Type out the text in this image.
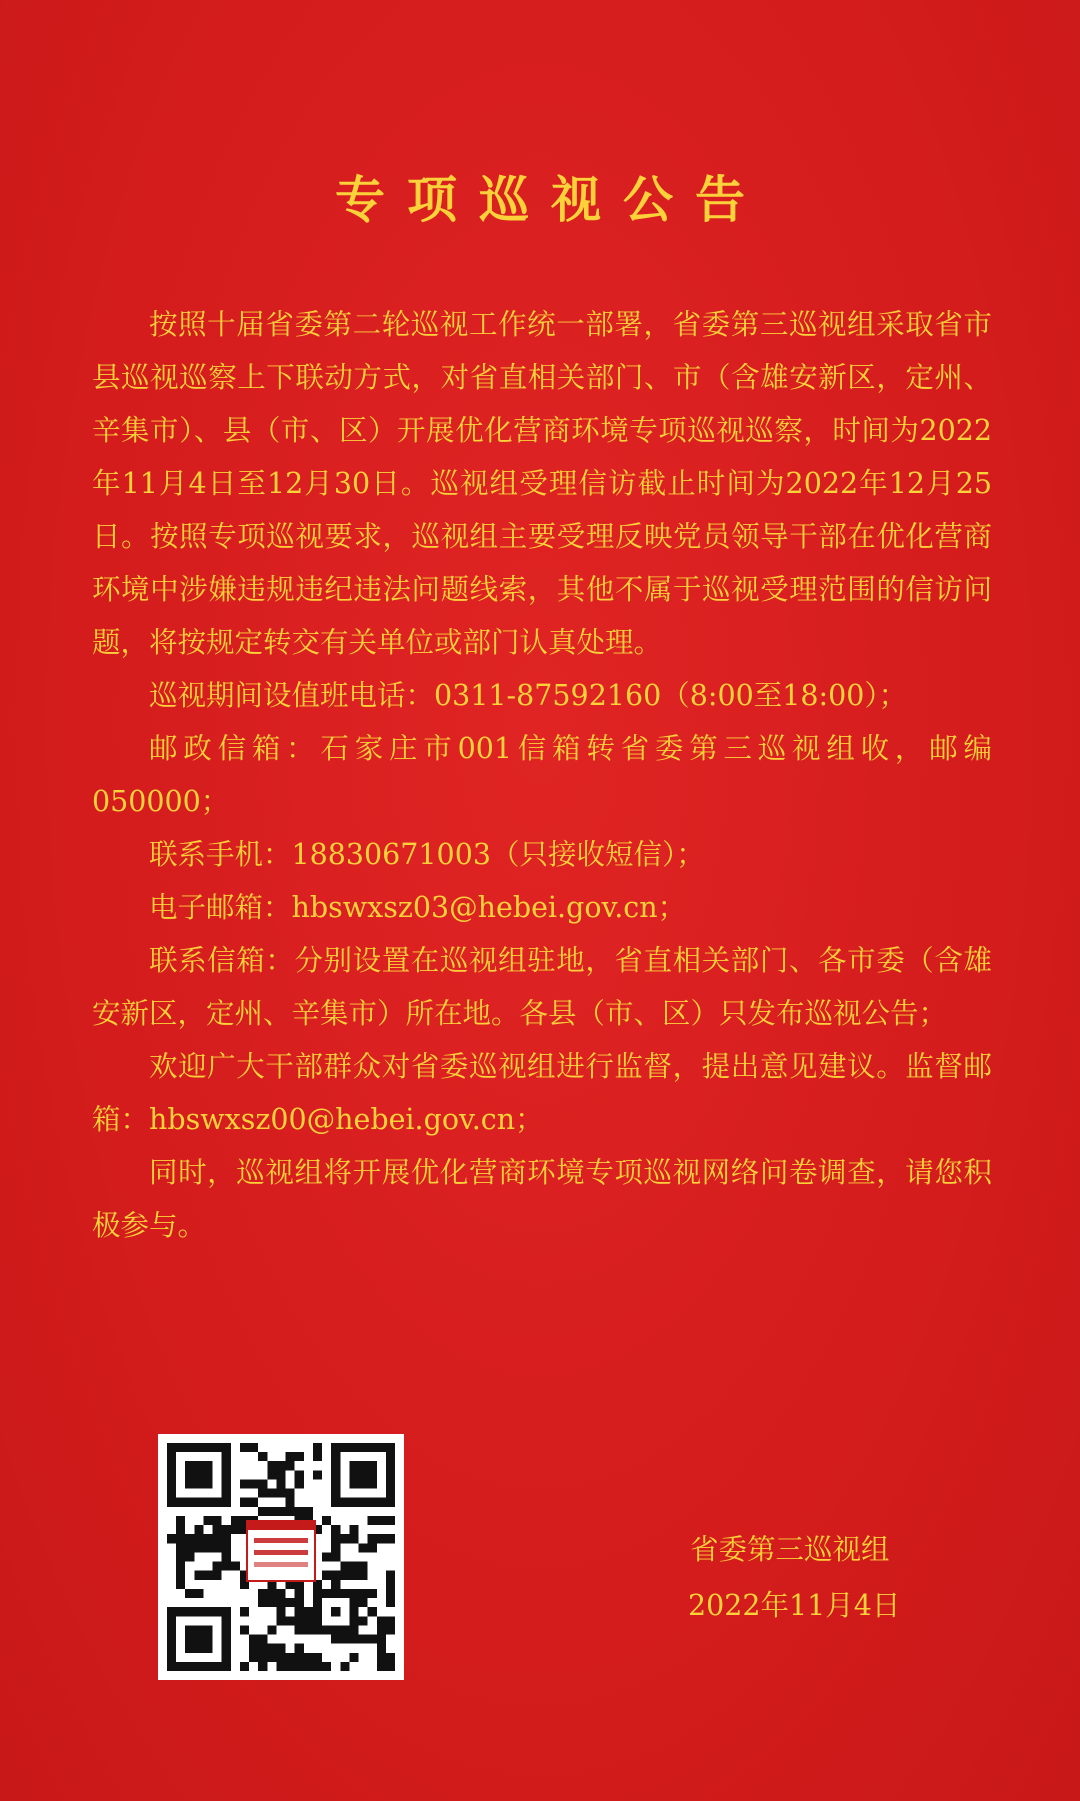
专项巡视公告

按照十届省委第二轮巡视工作统一部署，省委第三巡视组采取省市县巡视巡察上下联动方式，对省直相关部门、市（含雄安新区，定州、辛集市）、县（市、区）开展优化营商环境专项巡视巡察，时间为2022年11月4日至12月30日。巡视组受理信访截止时间为2022年12月25日。按照专项巡视要求，巡视组主要受理反映党员领导干部在优化营商环境中涉嫌违规违纪违法问题线索，其他不属于巡视受理范围的信访问题，将按规定转交有关单位或部门认真处理。

巡视期间设值班电话：0311-87592160（8:00至18:00）；

邮政信箱：石家庄市001信箱转省委第三巡视组收，邮编050000；

联系手机：18830671003（只接收短信）；

电子邮箱：hbswxsz03@hebei.gov.cn；

联系信箱：分别设置在巡视组驻地，省直相关部门、各市委（含雄安新区，定州、辛集市）所在地。各县（市、区）只发布巡视公告；

欢迎广大干部群众对省委巡视组进行监督，提出意见建议。监督邮箱：hbswxsz00@hebei.gov.cn；

同时，巡视组将开展优化营商环境专项巡视网络问卷调查，请您积极参与。

省委第三巡视组
2022年11月4日
